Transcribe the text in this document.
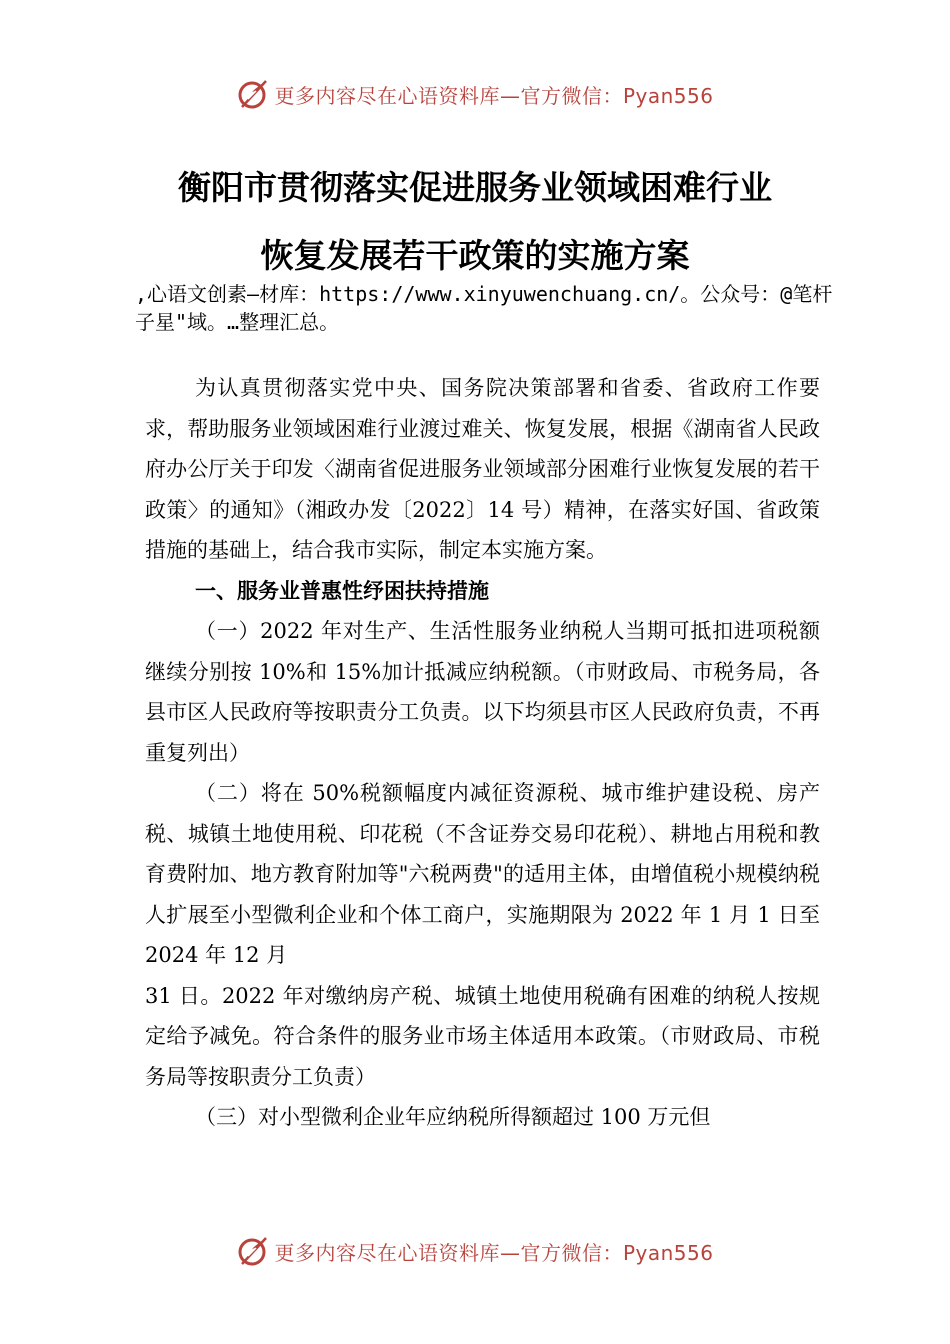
更多内容尽在心语资料库—官方微信：Pyan556
衡阳市贯彻落实促进服务业领域困难行业
恢复发展若干政策的实施方案
,心语文创素—材库：https://www.xinyuwenchuang.cn/。公众号：@笔杆子星"域。…整理汇总。

为认真贯彻落实党中央、国务院决策部署和省委、省政府工作要求，帮助服务业领域困难行业渡过难关、恢复发展，根据《湖南省人民政府办公厅关于印发〈湖南省促进服务业领域部分困难行业恢复发展的若干政策〉的通知》（湘政办发〔2022〕14 号）精神，在落实好国、省政策措施的基础上，结合我市实际，制定本实施方案。

一、服务业普惠性纾困扶持措施

（一）2022 年对生产、生活性服务业纳税人当期可抵扣进项税额继续分别按 10%和 15%加计抵减应纳税额。（市财政局、市税务局，各县市区人民政府等按职责分工负责。以下均须县市区人民政府负责，不再重复列出）

（二）将在 50%税额幅度内减征资源税、城市维护建设税、房产税、城镇土地使用税、印花税（不含证券交易印花税）、耕地占用税和教育费附加、地方教育附加等"六税两费"的适用主体，由增值税小规模纳税人扩展至小型微利企业和个体工商户，实施期限为 2022 年 1 月 1 日至 2024 年 12 月

31 日。2022 年对缴纳房产税、城镇土地使用税确有困难的纳税人按规定给予减免。符合条件的服务业市场主体适用本政策。（市财政局、市税务局等按职责分工负责）

（三）对小型微利企业年应纳税所得额超过 100 万元但

更多内容尽在心语资料库—官方微信：Pyan556
